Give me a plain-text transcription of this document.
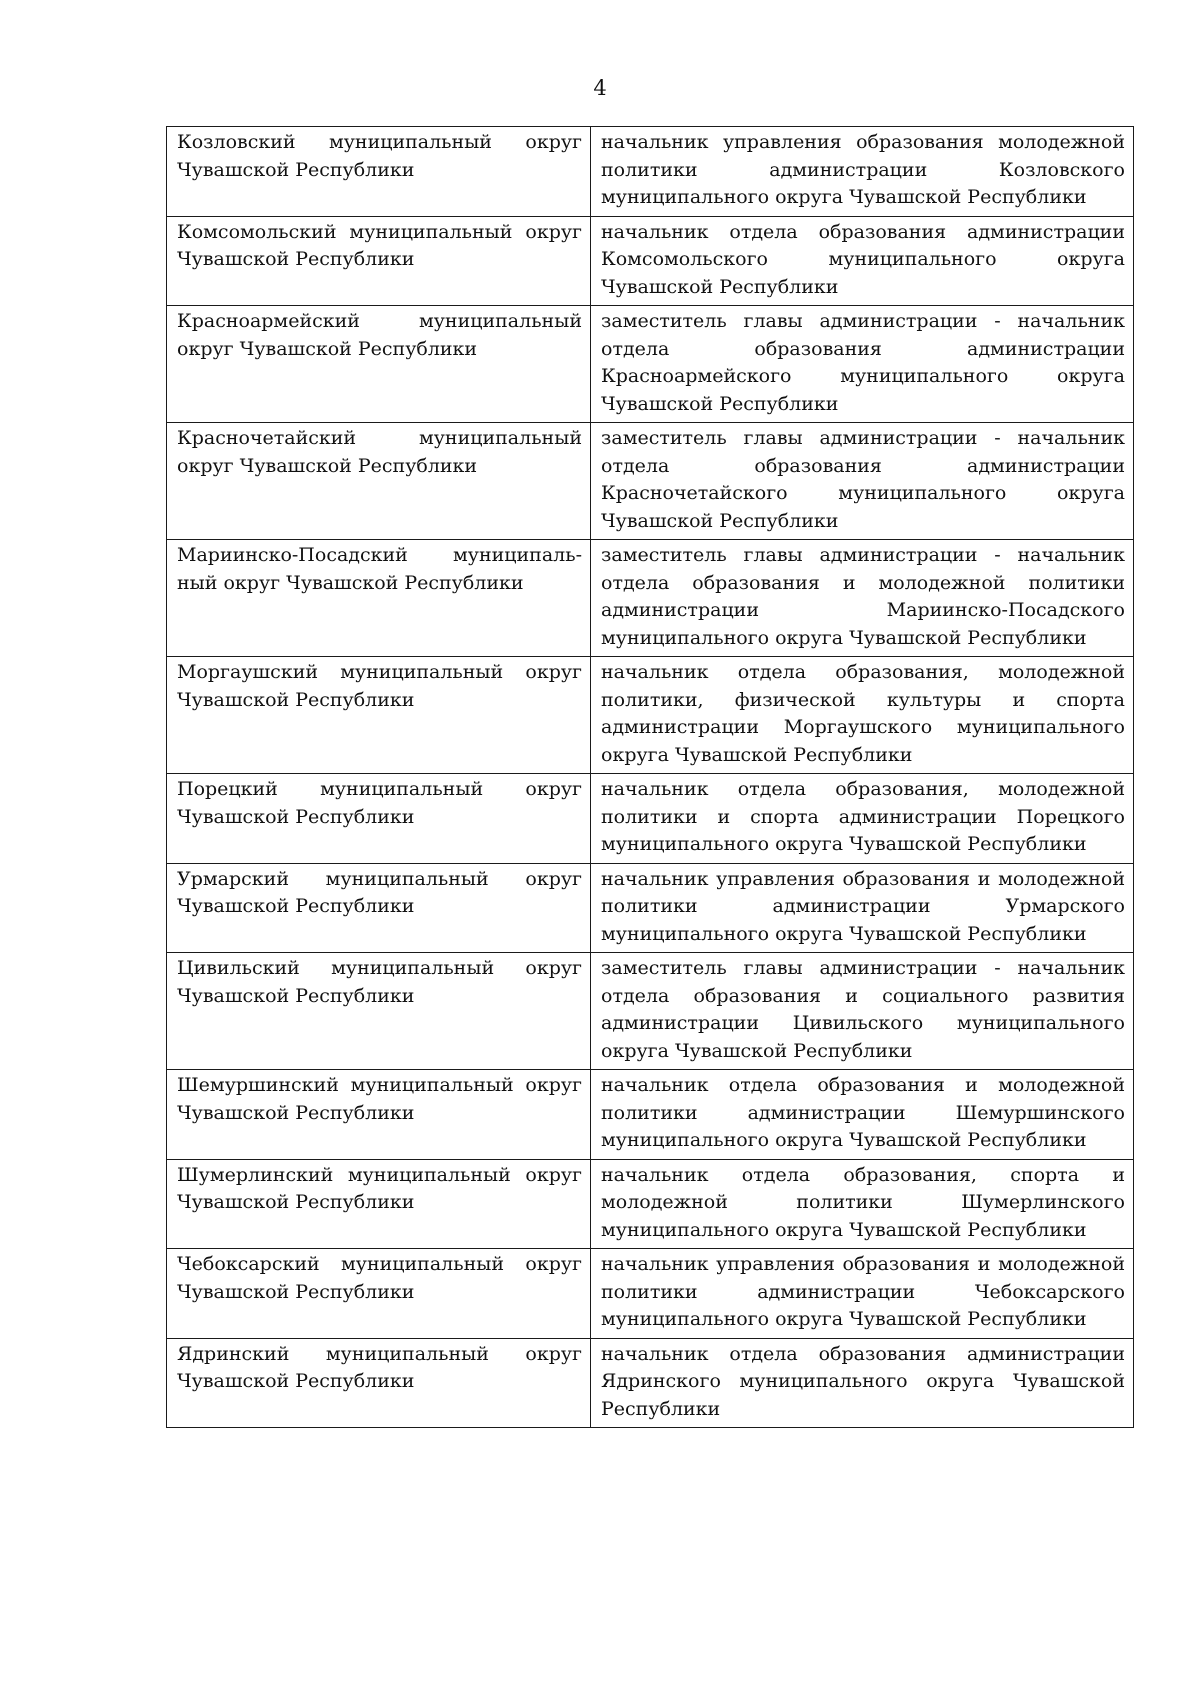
4
Козловский муниципальный округ Чувашской Республики	начальник управления образования молодежной политики администрации Козловского муниципального округа Чувашской Республики
Комсомольский муниципальный округ Чувашской Республики	начальник отдела образования администрации Комсомольского муниципального округа Чувашской Республики
Красноармейский муниципальный округ Чувашской Республики	заместитель главы администрации - начальник отдела образования администрации Красноармейского муниципального округа Чувашской Республики
Красночетайский муниципальный округ Чувашской Республики	заместитель главы администрации - начальник отдела образования администрации Красночетайского муниципального округа Чувашской Республики
Мариинско-Посадский муниципаль-ный округ Чувашской Республики	заместитель главы администрации - начальник отдела образования и молодежной политики администрации Мариинско-Посадского муниципального округа Чувашской Республики
Моргаушский муниципальный округ Чувашской Республики	начальник отдела образования, молодежной политики, физической культуры и спорта администрации Моргаушского муниципального округа Чувашской Республики
Порецкий муниципальный округ Чувашской Республики	начальник отдела образования, молодежной политики и спорта администрации Порецкого муниципального округа Чувашской Республики
Урмарский муниципальный округ Чувашской Республики	начальник управления образования и молодежной политики администрации Урмарского муниципального округа Чувашской Республики
Цивильский муниципальный округ Чувашской Республики	заместитель главы администрации - начальник отдела образования и социального развития администрации Цивильского муниципального округа Чувашской Республики
Шемуршинский муниципальный округ Чувашской Республики	начальник отдела образования и молодежной политики администрации Шемуршинского муниципального округа Чувашской Республики
Шумерлинский муниципальный округ Чувашской Республики	начальник отдела образования, спорта и молодежной политики Шумерлинского муниципального округа Чувашской Республики
Чебоксарский муниципальный округ Чувашской Республики	начальник управления образования и молодежной политики администрации Чебоксарского муниципального округа Чувашской Республики
Ядринский муниципальный округ Чувашской Республики	начальник отдела образования администрации Ядринского муниципального округа Чувашской Республики
